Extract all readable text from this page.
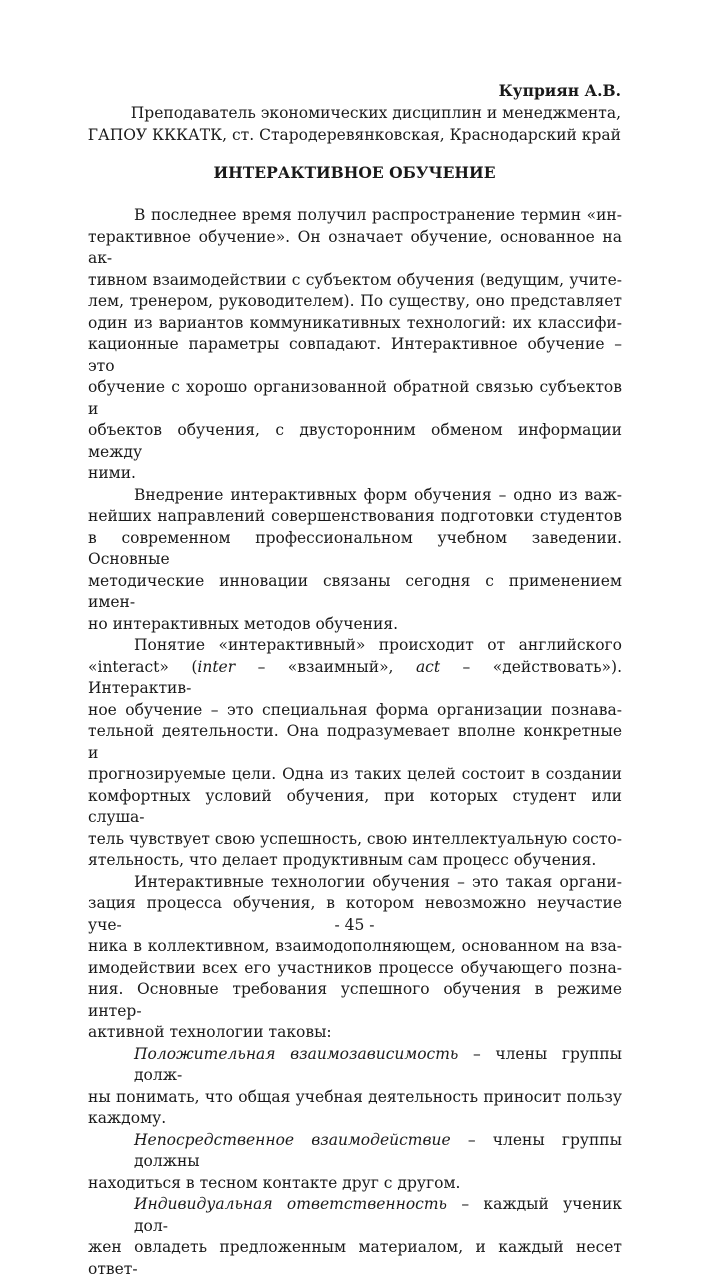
Куприян А.В.
Преподаватель экономических дисциплин и менеджмента,
ГАПОУ КККАТК, ст. Стародеревянковская, Краснодарский край
ИНТЕРАКТИВНОЕ ОБУЧЕНИЕ
В последнее время получил распространение термин «ин-
терактивное обучение». Он означает обучение, основанное на ак-
тивном взаимодействии с субъектом обучения (ведущим, учите-
лем, тренером, руководителем). По существу, оно представляет
один из вариантов коммуникативных технологий: их классифи-
кационные параметры совпадают. Интерактивное обучение – это
обучение с хорошо организованной обратной связью субъектов и
объектов обучения, с двусторонним обменом информации между
ними.
Внедрение интерактивных форм обучения – одно из важ-
нейших направлений совершенствования подготовки студентов
в современном профессиональном учебном заведении. Основные
методические инновации связаны сегодня с применением имен-
но интерактивных методов обучения.
Понятие «интерактивный» происходит от английского
«interact» (inter – «взаимный», act – «действовать»). Интерактив-
ное обучение – это специальная форма организации познава-
тельной деятельности. Она подразумевает вполне конкретные и
прогнозируемые цели. Одна из таких целей состоит в создании
комфортных условий обучения, при которых студент или слуша-
тель чувствует свою успешность, свою интеллектуальную состо-
ятельность, что делает продуктивным сам процесс обучения.
Интерактивные технологии обучения – это такая органи-
зация процесса обучения, в котором невозможно неучастие уче-
ника в коллективном, взаимодополняющем, основанном на вза-
имодействии всех его участников процессе обучающего позна-
ния. Основные требования успешного обучения в режиме интер-
активной технологии таковы:
Положительная взаимозависимость – члены группы долж-
ны понимать, что общая учебная деятельность приносит пользу
каждому.
Непосредственное взаимодействие – члены группы должны
находиться в тесном контакте друг с другом.
Индивидуальная ответственность – каждый ученик дол-
жен овладеть предложенным материалом, и каждый несет ответ-
- 45 -
